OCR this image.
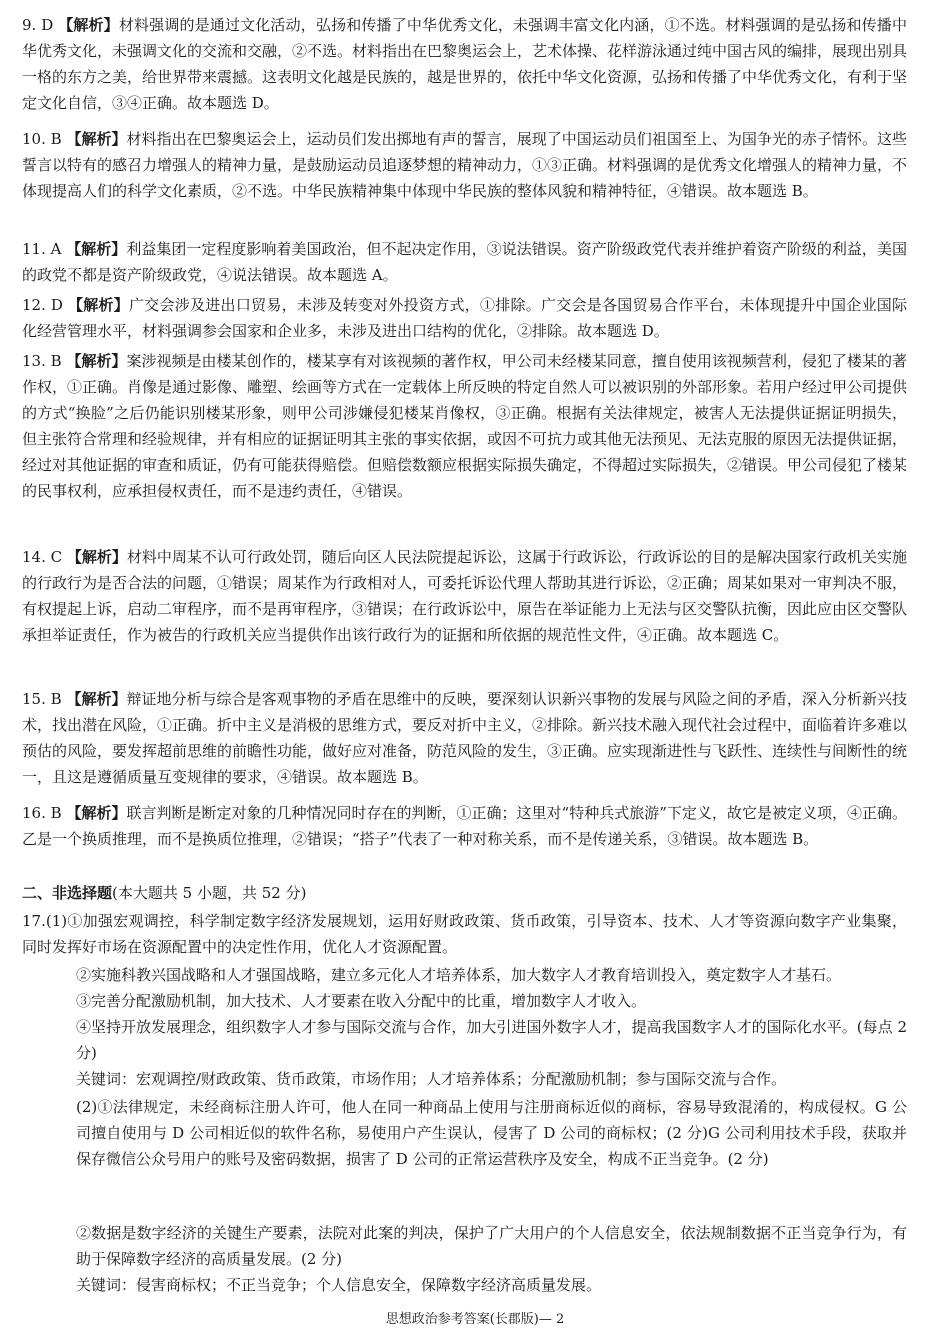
9. D 【解析】材料强调的是通过文化活动，弘扬和传播了中华优秀文化，未强调丰富文化内涵，①不选。材料强调的是弘扬和传播中华优秀文化，未强调文化的交流和交融，②不选。材料指出在巴黎奥运会上，艺术体操、花样游泳通过纯中国古风的编排，展现出别具一格的东方之美，给世界带来震撼。这表明文化越是民族的，越是世界的，依托中华文化资源，弘扬和传播了中华优秀文化，有利于坚定文化自信，③④正确。故本题选 D。

10. B 【解析】材料指出在巴黎奥运会上，运动员们发出掷地有声的誓言，展现了中国运动员们祖国至上、为国争光的赤子情怀。这些誓言以特有的感召力增强人的精神力量，是鼓励运动员追逐梦想的精神动力，①③正确。材料强调的是优秀文化增强人的精神力量，不体现提高人们的科学文化素质，②不选。中华民族精神集中体现中华民族的整体风貌和精神特征，④错误。故本题选 B。

11. A 【解析】利益集团一定程度影响着美国政治，但不起决定作用，③说法错误。资产阶级政党代表并维护着资产阶级的利益，美国的政党不都是资产阶级政党，④说法错误。故本题选 A。

12. D 【解析】广交会涉及进出口贸易，未涉及转变对外投资方式，①排除。广交会是各国贸易合作平台，未体现提升中国企业国际化经营管理水平，材料强调参会国家和企业多，未涉及进出口结构的优化，②排除。故本题选 D。

13. B 【解析】案涉视频是由楼某创作的，楼某享有对该视频的著作权，甲公司未经楼某同意，擅自使用该视频营利，侵犯了楼某的著作权，①正确。肖像是通过影像、雕塑、绘画等方式在一定载体上所反映的特定自然人可以被识别的外部形象。若用户经过甲公司提供的方式“换脸”之后仍能识别楼某形象，则甲公司涉嫌侵犯楼某肖像权，③正确。根据有关法律规定，被害人无法提供证据证明损失，但主张符合常理和经验规律，并有相应的证据证明其主张的事实依据，或因不可抗力或其他无法预见、无法克服的原因无法提供证据，经过对其他证据的审查和质证，仍有可能获得赔偿。但赔偿数额应根据实际损失确定，不得超过实际损失，②错误。甲公司侵犯了楼某的民事权利，应承担侵权责任，而不是违约责任，④错误。

14. C 【解析】材料中周某不认可行政处罚，随后向区人民法院提起诉讼，这属于行政诉讼，行政诉讼的目的是解决国家行政机关实施的行政行为是否合法的问题，①错误；周某作为行政相对人，可委托诉讼代理人帮助其进行诉讼，②正确；周某如果对一审判决不服，有权提起上诉，启动二审程序，而不是再审程序，③错误；在行政诉讼中，原告在举证能力上无法与区交警队抗衡，因此应由区交警队承担举证责任，作为被告的行政机关应当提供作出该行政行为的证据和所依据的规范性文件，④正确。故本题选 C。

15. B 【解析】辩证地分析与综合是客观事物的矛盾在思维中的反映，要深刻认识新兴事物的发展与风险之间的矛盾，深入分析新兴技术，找出潜在风险，①正确。折中主义是消极的思维方式，要反对折中主义，②排除。新兴技术融入现代社会过程中，面临着许多难以预估的风险，要发挥超前思维的前瞻性功能，做好应对准备，防范风险的发生，③正确。应实现渐进性与飞跃性、连续性与间断性的统一，且这是遵循质量互变规律的要求，④错误。故本题选 B。

16. B 【解析】联言判断是断定对象的几种情况同时存在的判断，①正确；这里对“特种兵式旅游”下定义，故它是被定义项，④正确。乙是一个换质推理，而不是换质位推理，②错误；“搭子”代表了一种对称关系，而不是传递关系，③错误。故本题选 B。

二、非选择题(本大题共 5 小题，共 52 分)

17.(1)①加强宏观调控，科学制定数字经济发展规划，运用好财政政策、货币政策，引导资本、技术、人才等资源向数字产业集聚，同时发挥好市场在资源配置中的决定性作用，优化人才资源配置。

②实施科教兴国战略和人才强国战略，建立多元化人才培养体系，加大数字人才教育培训投入，奠定数字人才基石。

③完善分配激励机制，加大技术、人才要素在收入分配中的比重，增加数字人才收入。

④坚持开放发展理念，组织数字人才参与国际交流与合作，加大引进国外数字人才，提高我国数字人才的国际化水平。(每点 2 分)

关键词：宏观调控/财政政策、货币政策，市场作用；人才培养体系；分配激励机制；参与国际交流与合作。

(2)①法律规定，未经商标注册人许可，他人在同一种商品上使用与注册商标近似的商标，容易导致混淆的，构成侵权。G 公司擅自使用与 D 公司相近似的软件名称，易使用户产生误认，侵害了 D 公司的商标权；(2 分)G 公司利用技术手段，获取并保存微信公众号用户的账号及密码数据，损害了 D 公司的正常运营秩序及安全，构成不正当竞争。(2 分)

②数据是数字经济的关键生产要素，法院对此案的判决，保护了广大用户的个人信息安全，依法规制数据不正当竞争行为，有助于保障数字经济的高质量发展。(2 分)

关键词：侵害商标权；不正当竞争；个人信息安全，保障数字经济高质量发展。

思想政治参考答案(长郡版)— 2
